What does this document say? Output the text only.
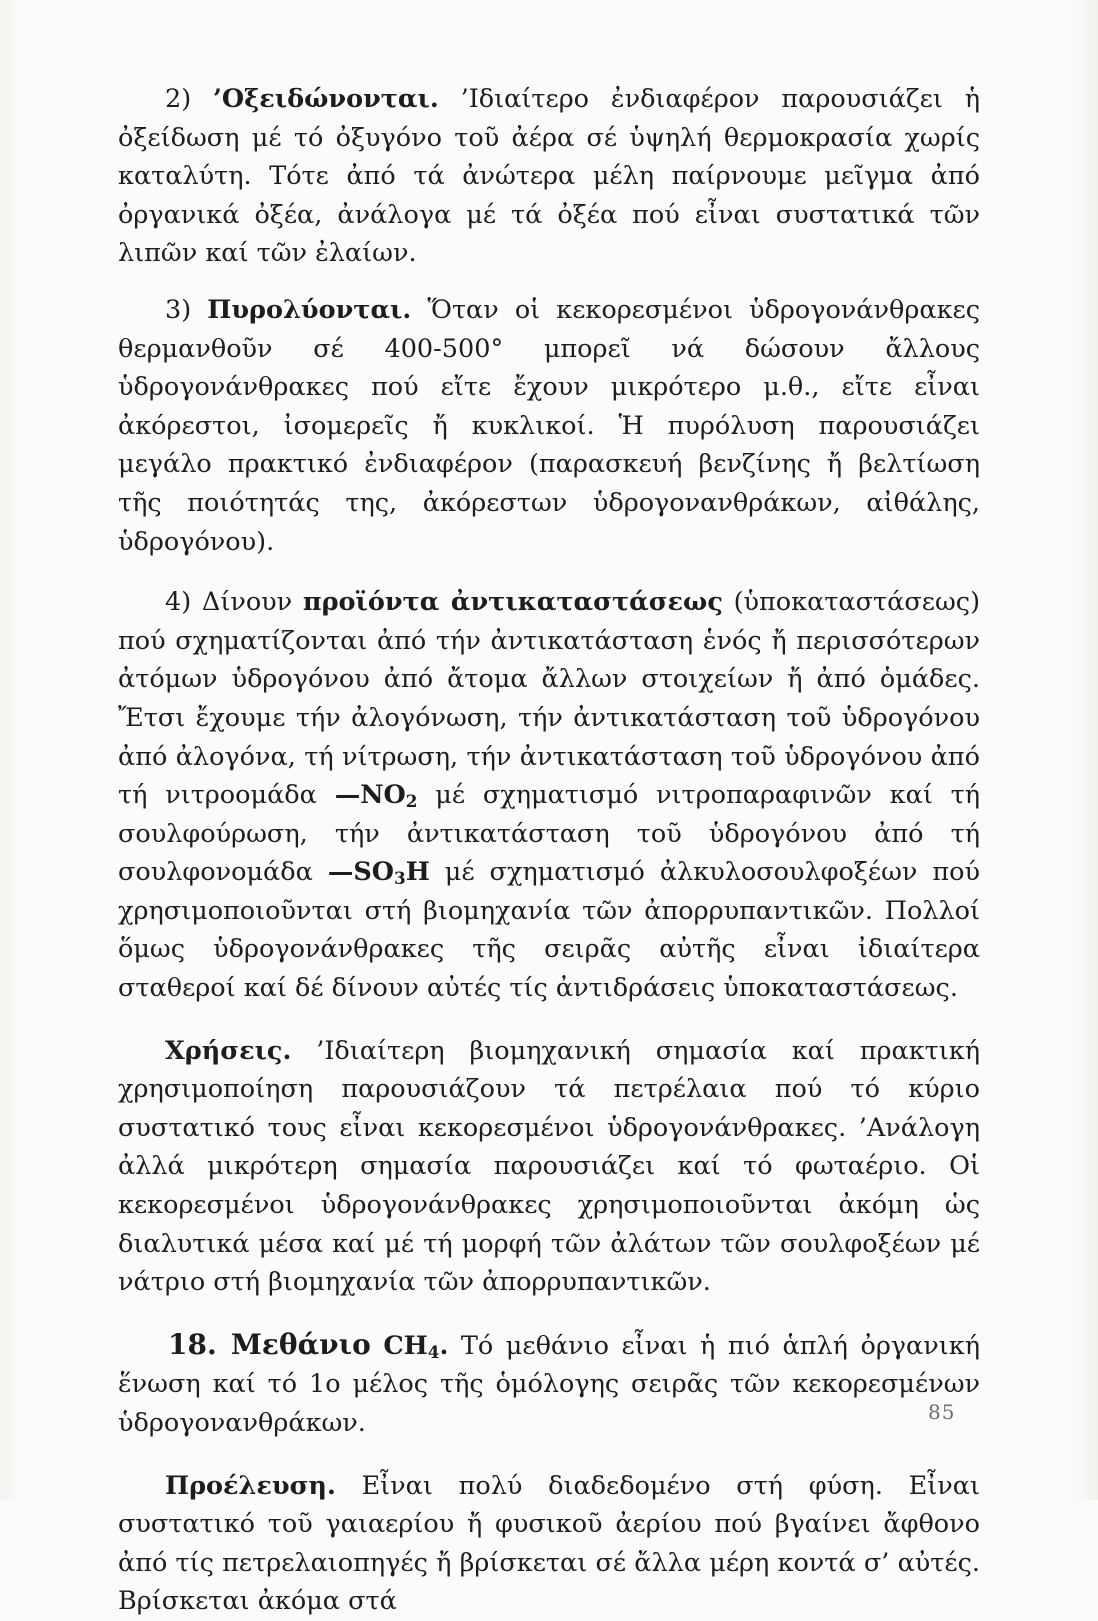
2) ’Οξειδώνονται. ’Ιδιαίτερο ἐνδιαφέρον παρουσιάζει ἡ ὀξείδωση μέ τό ὀξυγόνο τοῦ ἀέρα σέ ὑψηλή θερμοκρασία χωρίς καταλύτη. Τότε ἀπό τά ἀνώτερα μέλη παίρνουμε μεῖγμα ἀπό ὀργανικά ὀξέα, ἀνάλογα μέ τά ὀξέα πού εἶναι συστατικά τῶν λιπῶν καί τῶν ἐλαίων.

3) Πυρολύονται. Ὅταν οἱ κεκορεσμένοι ὑδρογονάνθρακες θερμανθοῦν σέ 400-500° μπορεῖ νά δώσουν ἄλλους ὑδρογονάνθρακες πού εἴτε ἔχουν μικρότερο μ.θ., εἴτε εἶναι ἀκόρεστοι, ἰσομερεῖς ἤ κυκλικοί. Ἡ πυρόλυση παρουσιάζει μεγάλο πρακτικό ἐνδιαφέρον (παρασκευή βενζίνης ἤ βελτίωση τῆς ποιότητάς της, ἀκόρεστων ὑδρογονανθράκων, αἰθάλης, ὑδρογόνου).

4) Δίνουν προϊόντα ἀντικαταστάσεως (ὑποκαταστάσεως) πού σχηματίζονται ἀπό τήν ἀντικατάσταση ἑνός ἤ περισσότερων ἀτόμων ὑδρογόνου ἀπό ἄτομα ἄλλων στοιχείων ἤ ἀπό ὁμάδες. Ἔτσι ἔχουμε τήν ἀλογόνωση, τήν ἀντικατάσταση τοῦ ὑδρογόνου ἀπό ἀλογόνα, τή νίτρωση, τήν ἀντικατάσταση τοῦ ὑδρογόνου ἀπό τή νιτροομάδα $—NO_2$ μέ σχηματισμό νιτροπαραφινῶν καί τή σουλφούρωση, τήν ἀντικατάσταση τοῦ ὑδρογόνου ἀπό τή σουλφονομάδα $—SO_3H$ μέ σχηματισμό ἀλκυλοσουλφοξέων πού χρησιμοποιοῦνται στή βιομηχανία τῶν ἀπορρυπαντικῶν. Πολλοί ὅμως ὑδρογονάνθρακες τῆς σειρᾶς αὐτῆς εἶναι ἰδιαίτερα σταθεροί καί δέ δίνουν αὐτές τίς ἀντιδράσεις ὑποκαταστάσεως.

Χρήσεις. ’Ιδιαίτερη βιομηχανική σημασία καί πρακτική χρησιμοποίηση παρουσιάζουν τά πετρέλαια πού τό κύριο συστατικό τους εἶναι κεκορεσμένοι ὑδρογονάνθρακες. ’Ανάλογη ἀλλά μικρότερη σημασία παρουσιάζει καί τό φωταέριο. Οἱ κεκορεσμένοι ὑδρογονάνθρακες χρησιμοποιοῦνται ἀκόμη ὡς διαλυτικά μέσα καί μέ τή μορφή τῶν ἀλάτων τῶν σουλφοξέων μέ νάτριο στή βιομηχανία τῶν ἀπορρυπαντικῶν.

18. Μεθάνιο $CH_4$. Τό μεθάνιο εἶναι ἡ πιό ἁπλή ὀργανική ἕνωση καί τό 1ο μέλος τῆς ὁμόλογης σειρᾶς τῶν κεκορεσμένων ὑδρογονανθράκων.

Προέλευση. Εἶναι πολύ διαδεδομένο στή φύση. Εἶναι συστατικό τοῦ γαιαερίου ἤ φυσικοῦ ἀερίου πού βγαίνει ἄφθονο ἀπό τίς πετρελαιοπηγές ἤ βρίσκεται σέ ἄλλα μέρη κοντά σ’ αὐτές. Βρίσκεται ἀκόμα στά

85
